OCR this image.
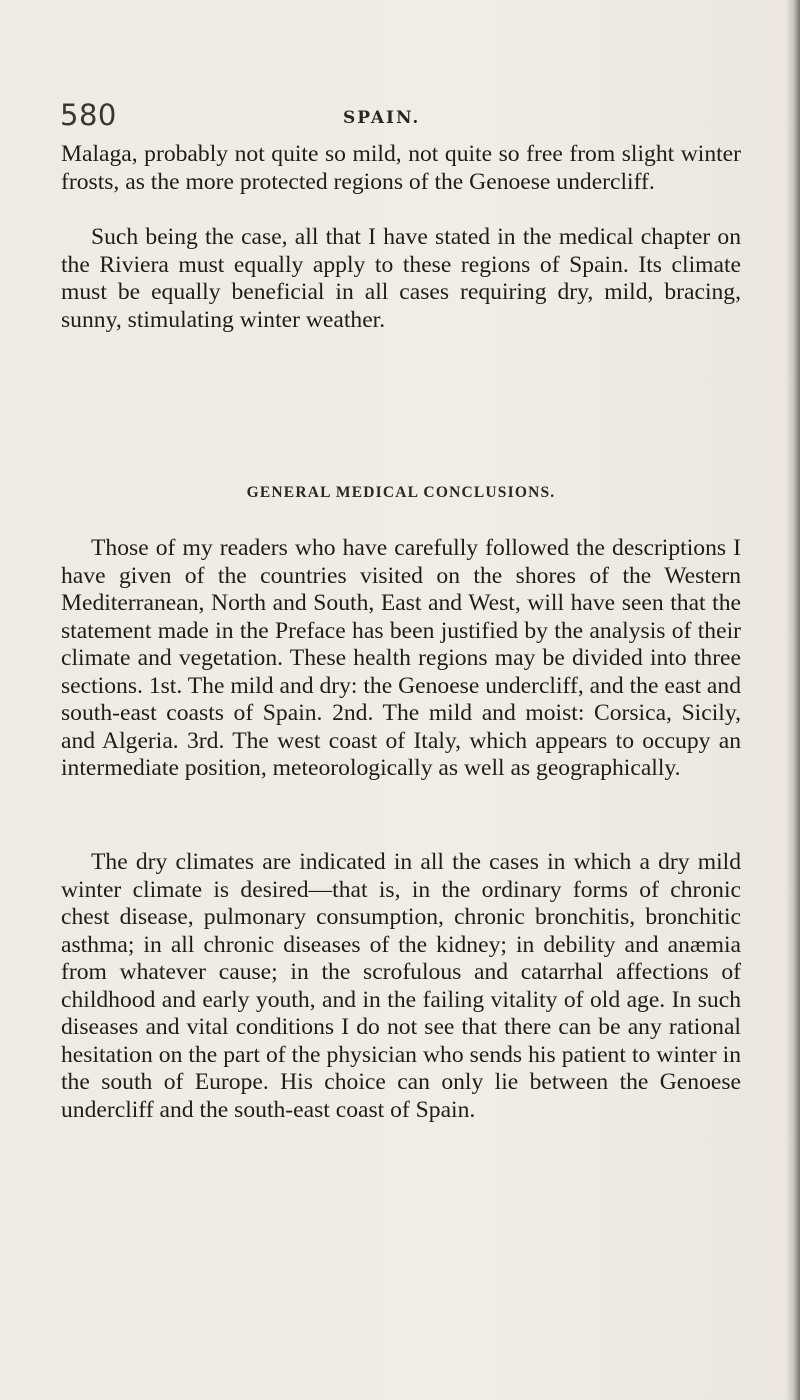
580	SPAIN.

Malaga, probably not quite so mild, not quite so free from slight winter frosts, as the more protected regions of the Genoese undercliff.

Such being the case, all that I have stated in the medical chapter on the Riviera must equally apply to these regions of Spain. Its climate must be equally beneficial in all cases requiring dry, mild, bracing, sunny, stimulating winter weather.

GENERAL MEDICAL CONCLUSIONS.

Those of my readers who have carefully followed the descriptions I have given of the countries visited on the shores of the Western Mediterranean, North and South, East and West, will have seen that the statement made in the Preface has been justified by the analysis of their climate and vegetation. These health regions may be divided into three sections. 1st. The mild and dry: the Genoese undercliff, and the east and south-east coasts of Spain. 2nd. The mild and moist: Corsica, Sicily, and Algeria. 3rd. The west coast of Italy, which appears to occupy an intermediate position, meteorologically as well as geographically.

The dry climates are indicated in all the cases in which a dry mild winter climate is desired—that is, in the ordinary forms of chronic chest disease, pulmonary consumption, chronic bronchitis, bronchitic asthma; in all chronic diseases of the kidney; in debility and anæmia from whatever cause; in the scrofulous and catarrhal affections of childhood and early youth, and in the failing vitality of old age. In such diseases and vital conditions I do not see that there can be any rational hesitation on the part of the physician who sends his patient to winter in the south of Europe. His choice can only lie between the Genoese undercliff and the south-east coast of Spain.
